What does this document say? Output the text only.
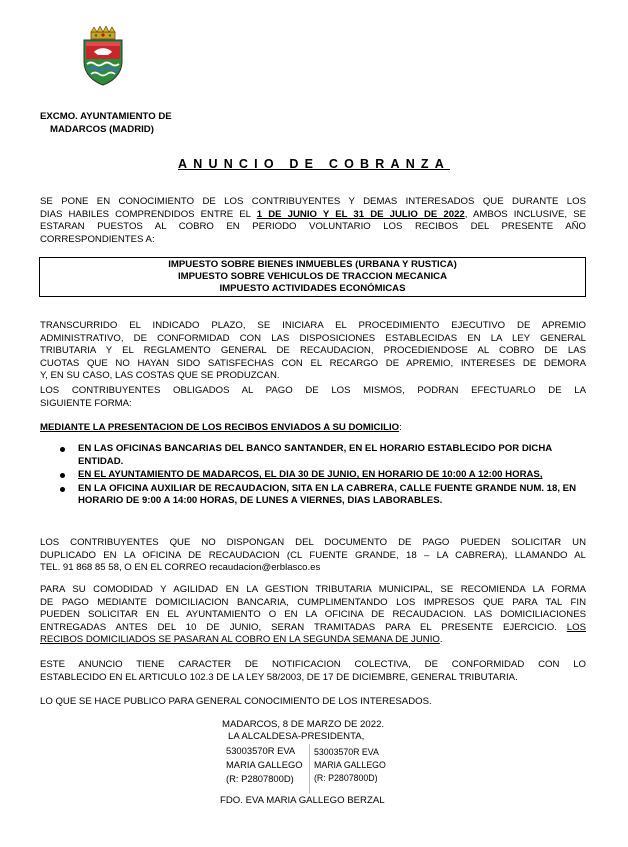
EXCMO. AYUNTAMIENTO DE
MADARCOS (MADRID)
ANUNCIO DE COBRANZA
SE PONE EN CONOCIMIENTO DE LOS CONTRIBUYENTES Y DEMAS INTERESADOS QUE DURANTE LOS
DIAS HABILES COMPRENDIDOS ENTRE EL 1 DE JUNIO Y EL 31 DE JULIO DE 2022, AMBOS INCLUSIVE, SE
ESTARAN PUESTOS AL COBRO EN PERIODO VOLUNTARIO LOS RECIBOS DEL PRESENTE AÑO
CORRESPONDIENTES A:
IMPUESTO SOBRE BIENES INMUEBLES (URBANA Y RUSTICA)
IMPUESTO SOBRE VEHICULOS DE TRACCION MECANICA
IMPUESTO ACTIVIDADES ECONÓMICAS
TRANSCURRIDO EL INDICADO PLAZO, SE INICIARA EL PROCEDIMIENTO EJECUTIVO DE APREMIO
ADMINISTRATIVO, DE CONFORMIDAD CON LAS DISPOSICIONES ESTABLECIDAS EN LA LEY GENERAL
TRIBUTARIA Y EL REGLAMENTO GENERAL DE RECAUDACION, PROCEDIENDOSE AL COBRO DE LAS
CUOTAS QUE NO HAYAN SIDO SATISFECHAS CON EL RECARGO DE APREMIO, INTERESES DE DEMORA
Y, EN SU CASO, LAS COSTAS QUE SE PRODUZCAN.
LOS CONTRIBUYENTES OBLIGADOS AL PAGO DE LOS MISMOS, PODRAN EFECTUARLO DE LA
SIGUIENTE FORMA:
MEDIANTE LA PRESENTACION DE LOS RECIBOS ENVIADOS A SU DOMICILIO:
EN LAS OFICINAS BANCARIAS DEL BANCO SANTANDER, EN EL HORARIO ESTABLECIDO POR DICHA ENTIDAD.
EN EL AYUNTAMIENTO DE MADARCOS, EL DIA 30 DE JUNIO, EN HORARIO DE 10:00 A 12:00 HORAS,
EN LA OFICINA AUXILIAR DE RECAUDACION, SITA EN LA CABRERA, CALLE FUENTE GRANDE NUM. 18, EN HORARIO DE 9:00 A 14:00 HORAS, DE LUNES A VIERNES, DIAS LABORABLES.
LOS CONTRIBUYENTES QUE NO DISPONGAN DEL DOCUMENTO DE PAGO PUEDEN SOLICITAR UN
DUPLICADO EN LA OFICINA DE RECAUDACION (CL FUENTE GRANDE, 18 – LA CABRERA), LLAMANDO AL
TEL. 91 868 85 58, O EN EL CORREO recaudacion@erblasco.es
PARA SU COMODIDAD Y AGILIDAD EN LA GESTION TRIBUTARIA MUNICIPAL, SE RECOMIENDA LA FORMA
DE PAGO MEDIANTE DOMICILIACION BANCARIA, CUMPLIMENTANDO LOS IMPRESOS QUE PARA TAL FIN
PUEDEN SOLICITAR EN EL AYUNTAMIENTO O EN LA OFICINA DE RECAUDACION. LAS DOMICILIACIONES
ENTREGADAS ANTES DEL 10 DE JUNIO, SERAN TRAMITADAS PARA EL PRESENTE EJERCICIO. LOS
RECIBOS DOMICILIADOS SE PASARAN AL COBRO EN LA SEGUNDA SEMANA DE JUNIO.
ESTE ANUNCIO TIENE CARACTER DE NOTIFICACION COLECTIVA, DE CONFORMIDAD CON LO
ESTABLECIDO EN EL ARTICULO 102.3 DE LA LEY 58/2003, DE 17 DE DICIEMBRE, GENERAL TRIBUTARIA.
LO QUE SE HACE PUBLICO PARA GENERAL CONOCIMIENTO DE LOS INTERESADOS.
MADARCOS, 8 DE MARZO DE 2022.
LA ALCALDESA-PRESIDENTA,
53003570R EVA
MARIA GALLEGO
(R: P2807800D)
53003570R EVA
MARIA GALLEGO
(R: P2807800D)
FDO. EVA MARIA GALLEGO BERZAL
